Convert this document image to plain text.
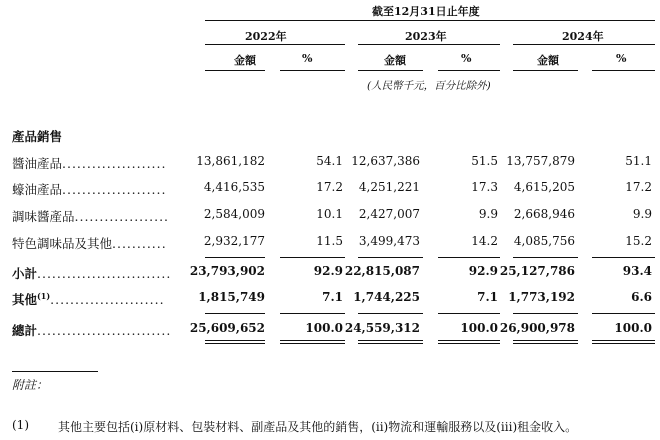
截至12月31日止年度
2022年	2023年	2024年
金額	%	金額	%	金額	%
(人民幣千元，百分比除外)
產品銷售
醬油產品..................... 13,861,182	54.1 12,637,386	51.5 13,757,879	51.1
蠔油產品.....................	4,416,535	17.2 4,251,221	17.3 4,615,205	17.2
調味醬產品...................	2,584,009	10.1 2,427,007	9.9 2,668,946	9.9
特色調味品及其他...........	2,932,177	11.5 3,499,473	14.2 4,085,756	15.2
小計........................... 23,793,902	92.9 22,815,087	92.9 25,127,786	93.4
其他$^{(1)}$.......................	1,815,749	7.1 1,744,225	7.1 1,773,192	6.6
總計........................... 25,609,652	100.0 24,559,312	100.0 26,900,978	100.0
附註：
(1) 其他主要包括(i)原材料、包裝材料、副產品及其他的銷售，(ii)物流和運輸服務以及(iii)租金收入。
